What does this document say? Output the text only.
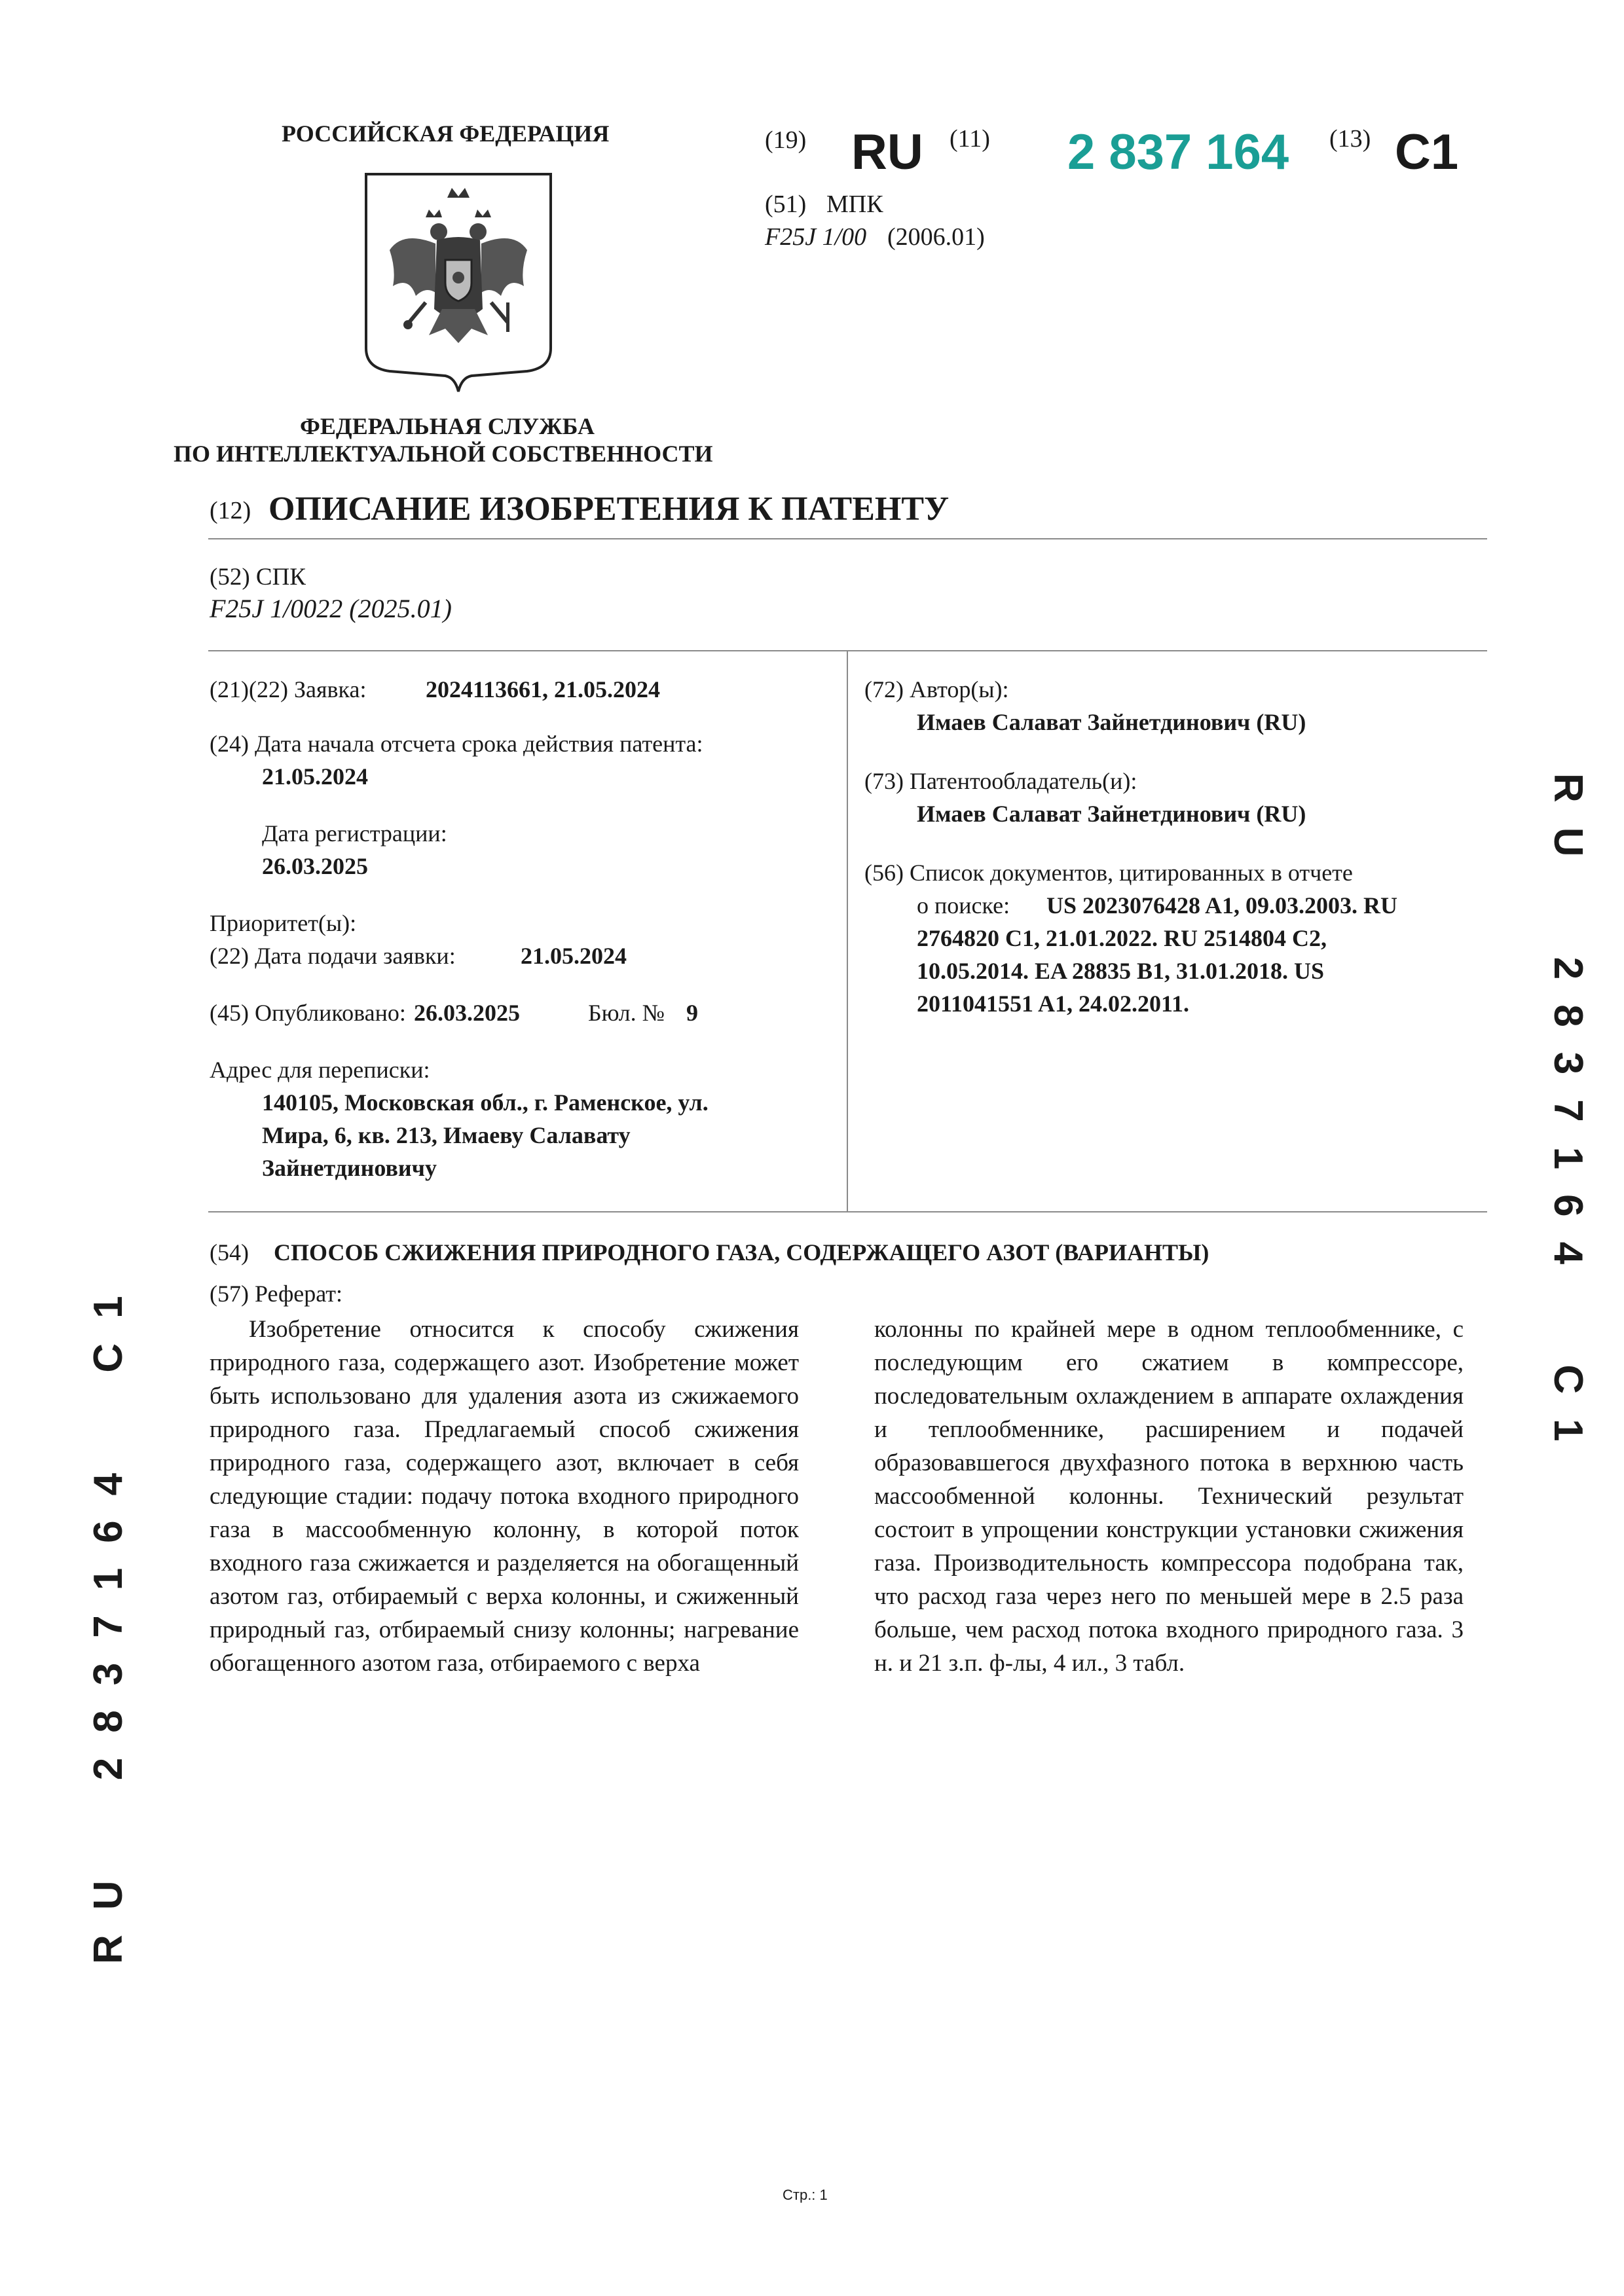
РОССИЙСКАЯ ФЕДЕРАЦИЯ
ФЕДЕРАЛЬНАЯ СЛУЖБА
ПО ИНТЕЛЛЕКТУАЛЬНОЙ СОБСТВЕННОСТИ
(19) RU (11) 2 837 164 (13) C1
(51) МПК
F25J 1/00 (2006.01)
(12) ОПИСАНИЕ ИЗОБРЕТЕНИЯ К ПАТЕНТУ
(52) СПК
F25J 1/0022 (2025.01)
(21)(22) Заявка:	2024113661, 21.05.2024
(24) Дата начала отсчета срока действия патента:
21.05.2024
Дата регистрации:
26.03.2025
Приоритет(ы):
(22) Дата подачи заявки:	21.05.2024
(45) Опубликовано: 26.03.2025	Бюл. № 9
Адрес для переписки:
140105, Московская обл., г. Раменское, ул.
Мира, 6, кв. 213, Имаеву Салавату
Зайнетдиновичу
(72) Автор(ы):
Имаев Салават Зайнетдинович (RU)
(73) Патентообладатель(и):
Имаев Салават Зайнетдинович (RU)
(56) Список документов, цитированных в отчете
о поиске: US 2023076428 A1, 09.03.2003. RU
2764820 C1, 21.01.2022. RU 2514804 C2,
10.05.2014. EA 28835 B1, 31.01.2018. US
2011041551 A1, 24.02.2011.
(54) СПОСОБ СЖИЖЕНИЯ ПРИРОДНОГО ГАЗА, СОДЕРЖАЩЕГО АЗОТ (ВАРИАНТЫ)
(57) Реферат:

Изобретение относится к способу сжижения природного газа, содержащего азот. Изобретение может быть использовано для удаления азота из сжижаемого природного газа. Предлагаемый способ сжижения природного газа, содержащего азот, включает в себя следующие стадии: подачу потока входного природного газа в массообменную колонну, в которой поток входного газа сжижается и разделяется на обогащенный азотом газ, отбираемый с верха колонны, и сжиженный природный газ, отбираемый снизу колонны; нагревание обогащенного азотом газа, отбираемого с верха

колонны по крайней мере в одном теплообменнике, с последующим его сжатием в компрессоре, последовательным охлаждением в аппарате охлаждения и теплообменнике, расширением и подачей образовавшегося двухфазного потока в верхнюю часть массообменной колонны. Технический результат состоит в упрощении конструкции установки сжижения газа. Производительность компрессора подобрана так, что расход газа через него по меньшей мере в 2.5 раза больше, чем расход потока входного природного газа. 3 н. и 21 з.п. ф-лы, 4 ил., 3 табл.

RU 2837164 C1
RU 2837164 C1
Стр.: 1
